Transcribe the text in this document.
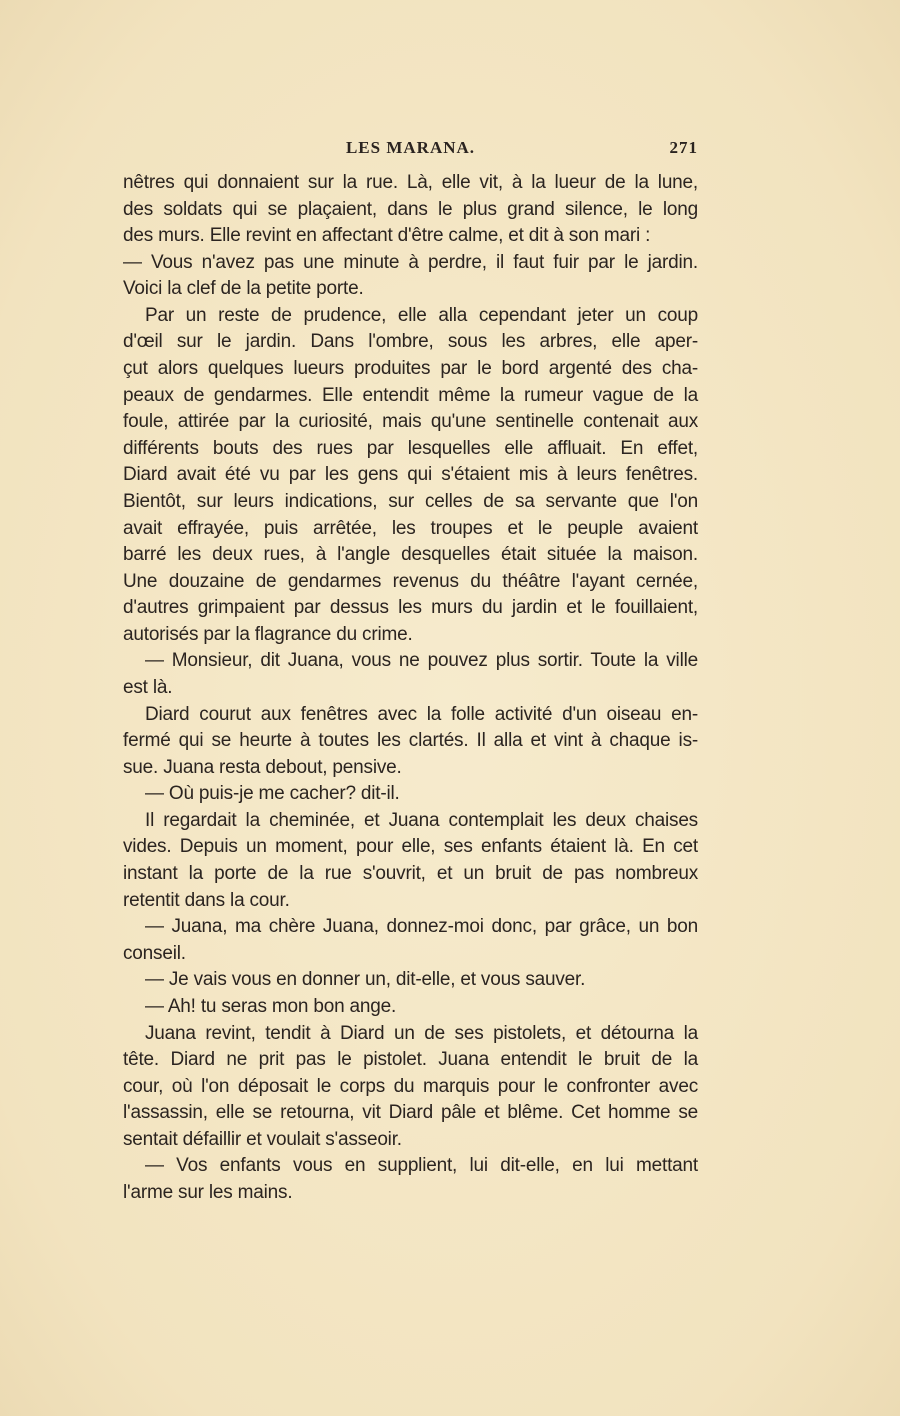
LES MARANA.	271
nêtres qui donnaient sur la rue. Là, elle vit, à la lueur de la lune,
des soldats qui se plaçaient, dans le plus grand silence, le long
des murs. Elle revint en affectant d'être calme, et dit à son mari :
— Vous n'avez pas une minute à perdre, il faut fuir par le jardin.
Voici la clef de la petite porte.
Par un reste de prudence, elle alla cependant jeter un coup
d'œil sur le jardin. Dans l'ombre, sous les arbres, elle aper-
çut alors quelques lueurs produites par le bord argenté des cha-
peaux de gendarmes. Elle entendit même la rumeur vague de la
foule, attirée par la curiosité, mais qu'une sentinelle contenait aux
différents bouts des rues par lesquelles elle affluait. En effet,
Diard avait été vu par les gens qui s'étaient mis à leurs fenêtres.
Bientôt, sur leurs indications, sur celles de sa servante que l'on
avait effrayée, puis arrêtée, les troupes et le peuple avaient
barré les deux rues, à l'angle desquelles était située la maison.
Une douzaine de gendarmes revenus du théâtre l'ayant cernée,
d'autres grimpaient par dessus les murs du jardin et le fouillaient,
autorisés par la flagrance du crime.
— Monsieur, dit Juana, vous ne pouvez plus sortir. Toute la ville
est là.
Diard courut aux fenêtres avec la folle activité d'un oiseau en-
fermé qui se heurte à toutes les clartés. Il alla et vint à chaque is-
sue. Juana resta debout, pensive.
— Où puis-je me cacher? dit-il.
Il regardait la cheminée, et Juana contemplait les deux chaises
vides. Depuis un moment, pour elle, ses enfants étaient là. En cet
instant la porte de la rue s'ouvrit, et un bruit de pas nombreux
retentit dans la cour.
— Juana, ma chère Juana, donnez-moi donc, par grâce, un bon
conseil.
— Je vais vous en donner un, dit-elle, et vous sauver.
— Ah! tu seras mon bon ange.
Juana revint, tendit à Diard un de ses pistolets, et détourna la
tête. Diard ne prit pas le pistolet. Juana entendit le bruit de la
cour, où l'on déposait le corps du marquis pour le confronter avec
l'assassin, elle se retourna, vit Diard pâle et blême. Cet homme se
sentait défaillir et voulait s'asseoir.
— Vos enfants vous en supplient, lui dit-elle, en lui mettant
l'arme sur les mains.
